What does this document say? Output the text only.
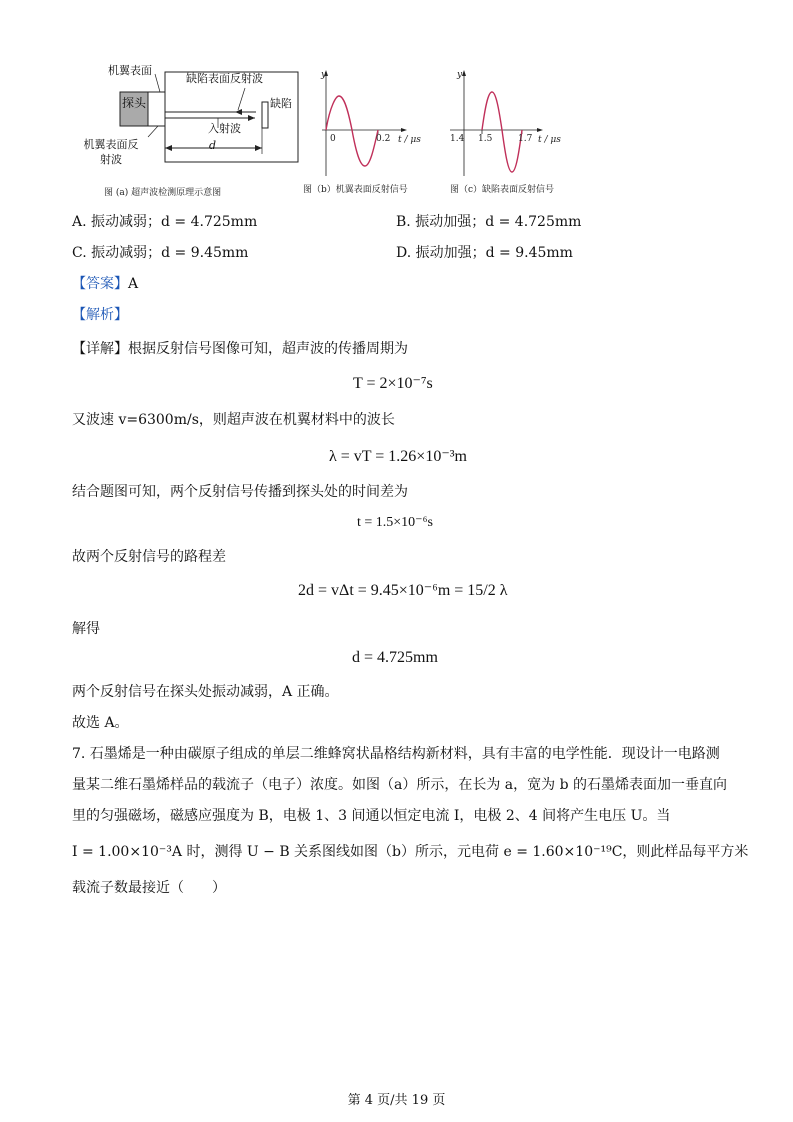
机翼表面
缺陷表面反射波
探头	缺陷
入射波
机翼表面反射波
d
图 (a) 超声波检测原理示意图
y
t / μs
0	0.2
图（b）机翼表面反射信号
y
t / μs
1.4 1.5	1.7
图（c）缺陷表面反射信号
A. 振动减弱；d = 4.725mm	B. 振动加强；d = 4.725mm
C. 振动减弱；d = 9.45mm	D. 振动加强；d = 9.45mm
【答案】A
【解析】
【详解】根据反射信号图像可知，超声波的传播周期为
T = 2×10⁻⁷s
又波速 v=6300m/s，则超声波在机翼材料中的波长
λ = vT = 1.26×10⁻³m
结合题图可知，两个反射信号传播到探头处的时间差为
t = 1.5×10⁻⁶s
故两个反射信号的路程差
2d = vΔt = 9.45×10⁻⁶m = 15/2 λ
解得
d = 4.725mm
两个反射信号在探头处振动减弱，A 正确。
故选 A。
7. 石墨烯是一种由碳原子组成的单层二维蜂窝状晶格结构新材料，具有丰富的电学性能．现设计一电路测
量某二维石墨烯样品的载流子（电子）浓度。如图（a）所示，在长为 a，宽为 b 的石墨烯表面加一垂直向
里的匀强磁场，磁感应强度为 B，电极 1、3 间通以恒定电流 I，电极 2、4 间将产生电压 U。当
I = 1.00×10⁻³A 时，测得 U − B 关系图线如图（b）所示，元电荷 e = 1.60×10⁻¹⁹C，则此样品每平方米
载流子数最接近（　　）
第 4 页/共 19 页
